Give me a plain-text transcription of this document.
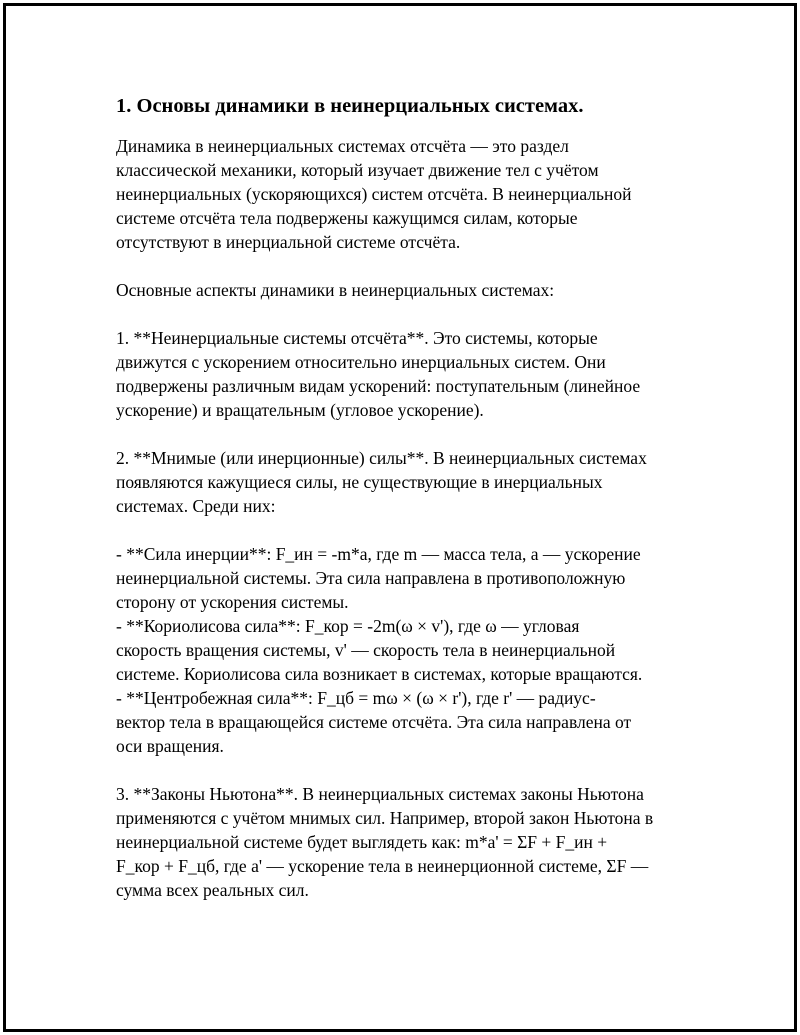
1. Основы динамики в неинерциальных системах.

Динамика в неинерциальных системах отсчёта — это раздел
классической механики, который изучает движение тел с учётом
неинерциальных (ускоряющихся) систем отсчёта. В неинерциальной
системе отсчёта тела подвержены кажущимся силам, которые
отсутствуют в инерциальной системе отсчёта.

Основные аспекты динамики в неинерциальных системах:

1. **Неинерциальные системы отсчёта**. Это системы, которые
движутся с ускорением относительно инерциальных систем. Они
подвержены различным видам ускорений: поступательным (линейное
ускорение) и вращательным (угловое ускорение).

2. **Мнимые (или инерционные) силы**. В неинерциальных системах
появляются кажущиеся силы, не существующие в инерциальных
системах. Среди них:

- **Сила инерции**: F_ин = -m*a, где m — масса тела, a — ускорение
неинерциальной системы. Эта сила направлена в противоположную
сторону от ускорения системы.

- **Кориолисова сила**: F_кор = -2m(ω × v'), где ω — угловая
скорость вращения системы, v' — скорость тела в неинерциальной
системе. Кориолисова сила возникает в системах, которые вращаются.

- **Центробежная сила**: F_цб = mω × (ω × r'), где r' — радиус-
вектор тела в вращающейся системе отсчёта. Эта сила направлена от
оси вращения.

3. **Законы Ньютона**. В неинерциальных системах законы Ньютона
применяются с учётом мнимых сил. Например, второй закон Ньютона в
неинерциальной системе будет выглядеть как: m*a' = ΣF + F_ин +
F_кор + F_цб, где a' — ускорение тела в неинерционной системе, ΣF —
сумма всех реальных сил.
